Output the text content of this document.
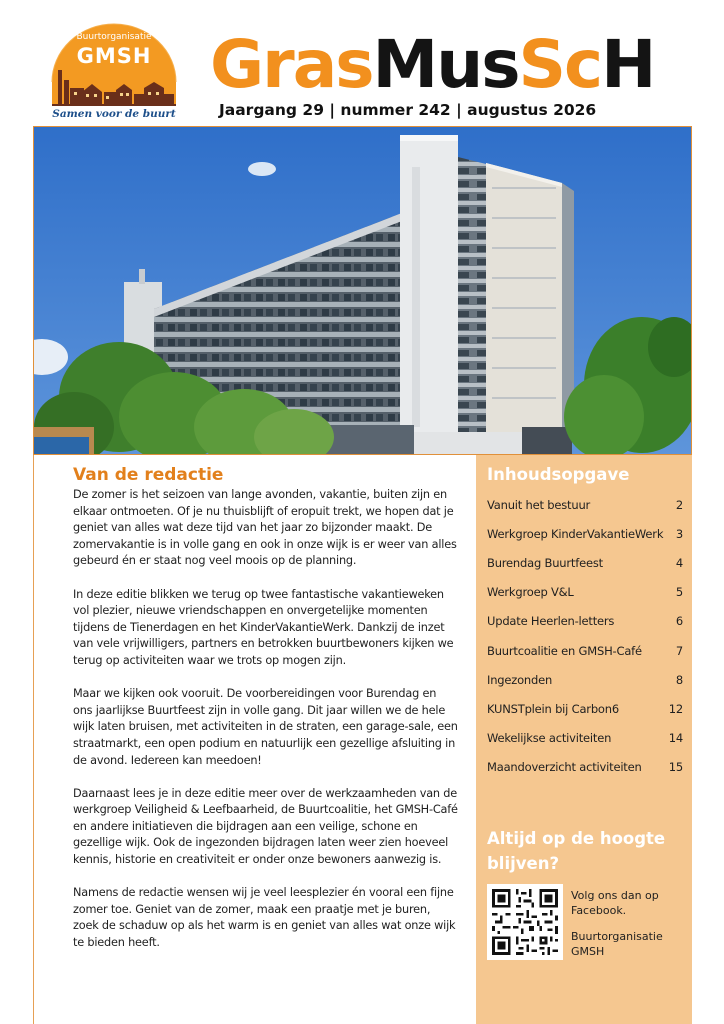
Buurtorganisatie
GMSH
Samen voor de buurt
GrasMusScH
Jaargang 29 | nummer 242 | augustus 2026
Van de redactie

De zomer is het seizoen van lange avonden, vakantie, buiten zijn en elkaar ontmoeten. Of je nu thuisblijft of eropuit trekt, we hopen dat je geniet van alles wat deze tijd van het jaar zo bijzonder maakt. De zomervakantie is in volle gang en ook in onze wijk is er weer van alles gebeurd én er staat nog veel moois op de planning.

In deze editie blikken we terug op twee fantastische vakantieweken vol plezier, nieuwe vriendschappen en onvergetelijke momenten tijdens de Tienerdagen en het KinderVakantieWerk. Dankzij de inzet van vele vrijwilligers, partners en betrokken buurtbewoners kijken we terug op activiteiten waar we trots op mogen zijn.

Maar we kijken ook vooruit. De voorbereidingen voor Burendag en ons jaarlijkse Buurtfeest zijn in volle gang. Dit jaar willen we de hele wijk laten bruisen, met activiteiten in de straten, een garage-sale, een straatmarkt, een open podium en natuurlijk een gezellige afsluiting in de avond. Iedereen kan meedoen!

Daarnaast lees je in deze editie meer over de werkzaamheden van de werkgroep Veiligheid & Leefbaarheid, de Buurtcoalitie, het GMSH-Café en andere initiatieven die bijdragen aan een veilige, schone en gezellige wijk. Ook de ingezonden bijdragen laten weer zien hoeveel kennis, historie en creativiteit er onder onze bewoners aanwezig is.

Namens de redactie wensen wij je veel leesplezier én vooral een fijne zomer toe. Geniet van de zomer, maak een praatje met je buren, zoek de schaduw op als het warm is en geniet van alles wat onze wijk te bieden heeft.

Inhoudsopgave
Vanuit het bestuur	2
Werkgroep KinderVakantieWerk 3
Burendag Buurtfeest	4
Werkgroep V&L	5
Update Heerlen-letters	6
Buurtcoalitie en GMSH-Café	7
Ingezonden	8
KUNSTplein bij Carbon6	12
Wekelijkse activiteiten	14
Maandoverzicht activiteiten 15
Altijd op de hoogte blijven?

Volg ons dan op Facebook.

Buurtorganisatie GMSH
